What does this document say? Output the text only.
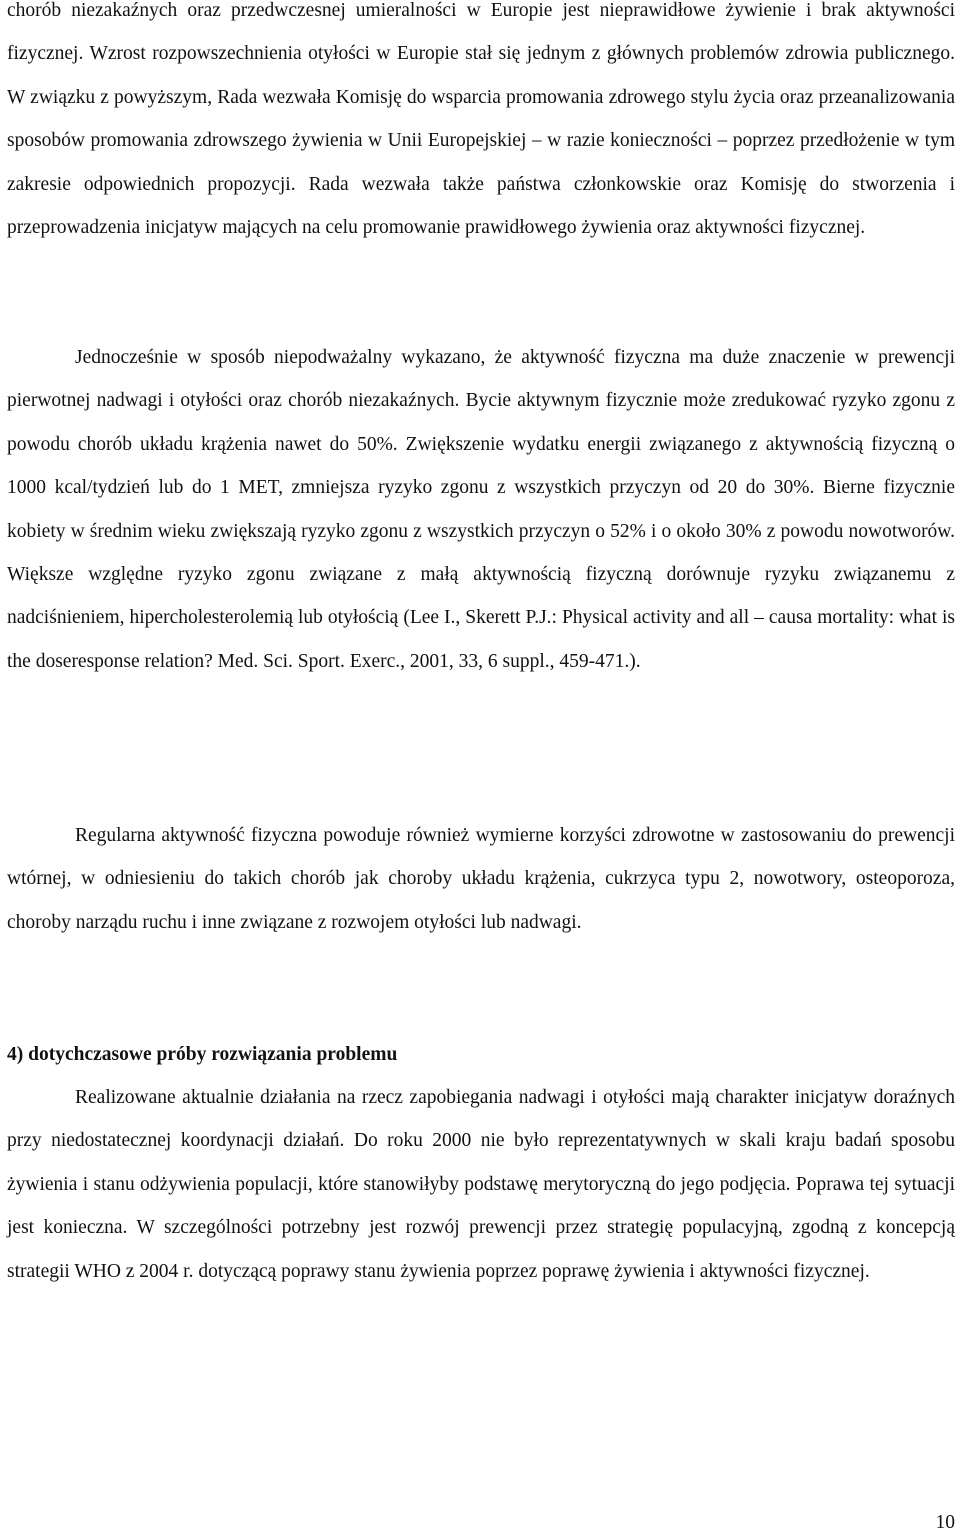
chorób niezakaźnych oraz przedwczesnej umieralności w Europie jest nieprawidłowe żywienie i brak aktywności fizycznej. Wzrost rozpowszechnienia otyłości w Europie stał się jednym z głównych problemów zdrowia publicznego. W związku z powyższym, Rada wezwała Komisję do wsparcia promowania zdrowego stylu życia oraz przeanalizowania sposobów promowania zdrowszego żywienia w Unii Europejskiej ⎯ w razie konieczności ⎯ poprzez przedłożenie w tym zakresie odpowiednich propozycji. Rada wezwała także państwa członkowskie oraz Komisję do stworzenia i przeprowadzenia inicjatyw mających na celu promowanie prawidłowego żywienia oraz aktywności fizycznej.

Jednocześnie w sposób niepodważalny wykazano, że aktywność fizyczna ma duże znaczenie w prewencji pierwotnej nadwagi i otyłości oraz chorób niezakaźnych. Bycie aktywnym fizycznie może zredukować ryzyko zgonu z powodu chorób układu krążenia nawet do 50%. Zwiększenie wydatku energii związanego z aktywnością fizyczną o 1000 kcal/tydzień lub do 1 MET, zmniejsza ryzyko zgonu z wszystkich przyczyn od 20 do 30%. Bierne fizycznie kobiety w średnim wieku zwiększają ryzyko zgonu z wszystkich przyczyn o 52% i o około 30% z powodu nowotworów. Większe względne ryzyko zgonu związane z małą aktywnością fizyczną dorównuje ryzyku związanemu z nadciśnieniem, hipercholesterolemią lub otyłością (Lee I., Skerett P.J.: Physical activity and all – causa mortality: what is the doseresponse relation? Med. Sci. Sport. Exerc., 2001, 33, 6 suppl., 459-471.).

Regularna aktywność fizyczna powoduje również wymierne korzyści zdrowotne w zastosowaniu do prewencji wtórnej, w odniesieniu do takich chorób jak choroby układu krążenia, cukrzyca typu 2, nowotwory, osteoporoza, choroby narządu ruchu i inne związane z rozwojem otyłości lub nadwagi.

4) dotychczasowe próby rozwiązania problemu

Realizowane aktualnie działania na rzecz zapobiegania nadwagi i otyłości mają charakter inicjatyw doraźnych przy niedostatecznej koordynacji działań. Do roku 2000 nie było reprezentatywnych w skali kraju badań sposobu żywienia i stanu odżywienia populacji, które stanowiłyby podstawę merytoryczną do jego podjęcia. Poprawa tej sytuacji jest konieczna. W szczególności potrzebny jest rozwój prewencji przez strategię populacyjną, zgodną z koncepcją strategii WHO z 2004 r. dotyczącą poprawy stanu żywienia poprzez poprawę żywienia i aktywności fizycznej.

10
